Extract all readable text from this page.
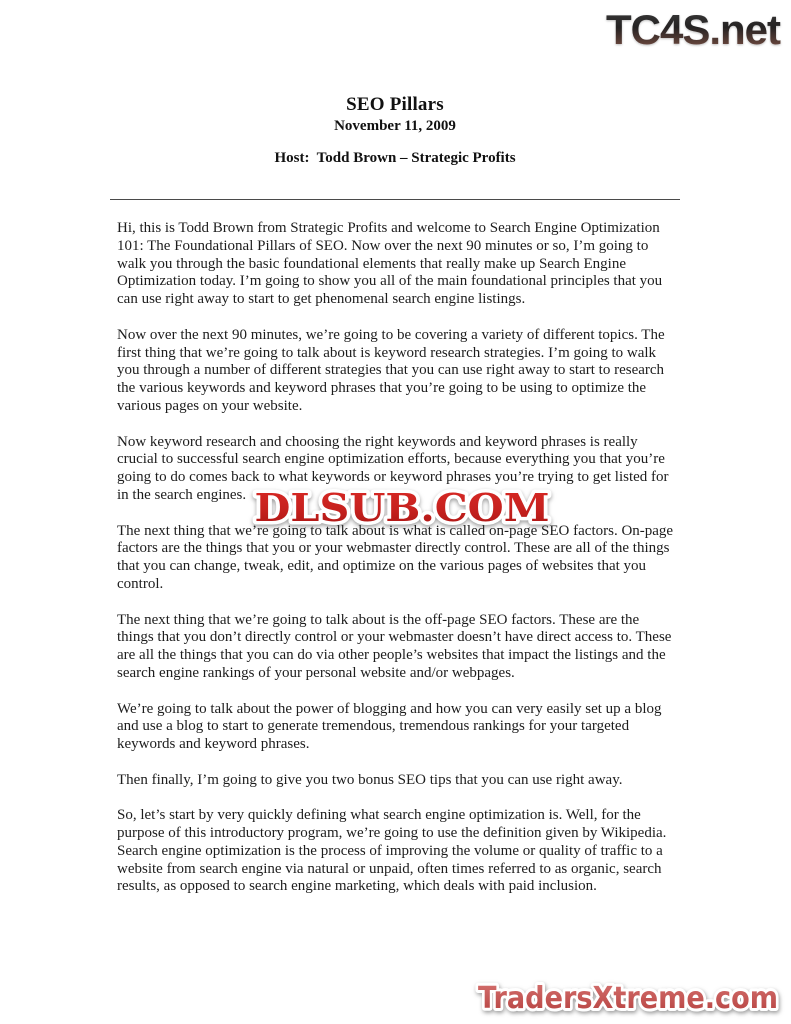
TC4S.net
SEO Pillars
November 11, 2009
Host:  Todd Brown – Strategic Profits

Hi, this is Todd Brown from Strategic Profits and welcome to Search Engine Optimization 101: The Foundational Pillars of SEO. Now over the next 90 minutes or so, I’m going to walk you through the basic foundational elements that really make up Search Engine Optimization today. I’m going to show you all of the main foundational principles that you can use right away to start to get phenomenal search engine listings.

Now over the next 90 minutes, we’re going to be covering a variety of different topics. The first thing that we’re going to talk about is keyword research strategies. I’m going to walk you through a number of different strategies that you can use right away to start to research the various keywords and keyword phrases that you’re going to be using to optimize the various pages on your website.

Now keyword research and choosing the right keywords and keyword phrases is really crucial to successful search engine optimization efforts, because everything you that you’re going to do comes back to what keywords or keyword phrases you’re trying to get listed for in the search engines.

The next thing that we’re going to talk about is what is called on-page SEO factors. On-page factors are the things that you or your webmaster directly control. These are all of the things that you can change, tweak, edit, and optimize on the various pages of websites that you control.

The next thing that we’re going to talk about is the off-page SEO factors. These are the things that you don’t directly control or your webmaster doesn’t have direct access to. These are all the things that you can do via other people’s websites that impact the listings and the search engine rankings of your personal website and/or webpages.

We’re going to talk about the power of blogging and how you can very easily set up a blog and use a blog to start to generate tremendous, tremendous rankings for your targeted keywords and keyword phrases.

Then finally, I’m going to give you two bonus SEO tips that you can use right away.

So, let’s start by very quickly defining what search engine optimization is. Well, for the purpose of this introductory program, we’re going to use the definition given by Wikipedia. Search engine optimization is the process of improving the volume or quality of traffic to a website from search engine via natural or unpaid, often times referred to as organic, search results, as opposed to search engine marketing, which deals with paid inclusion.

DLSUB.COM
TradersXtreme.com
